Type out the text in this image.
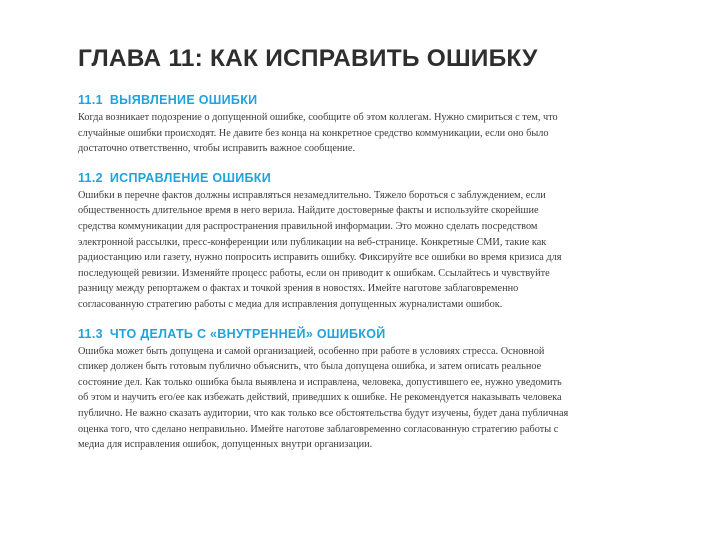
ГЛАВА 11: КАК ИСПРАВИТЬ ОШИБКУ
11.1 ВЫЯВЛЕНИЕ ОШИБКИ

Когда возникает подозрение о допущенной ошибке, сообщите об этом коллегам. Нужно смириться с тем, что
случайные ошибки происходят. Не давите без конца на конкретное средство коммуникации, если оно было
достаточно ответственно, чтобы исправить важное сообщение.

11.2 ИСПРАВЛЕНИЕ ОШИБКИ

Ошибки в перечне фактов должны исправляться незамедлительно. Тяжело бороться с заблуждением, если
общественность длительное время в него верила. Найдите достоверные факты и используйте скорейшие
средства коммуникации для распространения правильной информации. Это можно сделать посредством
электронной рассылки, пресс-конференции или публикации на веб-странице. Конкретные СМИ, такие как
радиостанцию или газету, нужно попросить исправить ошибку. Фиксируйте все ошибки во время кризиса для
последующей ревизии. Изменяйте процесс работы, если он приводит к ошибкам. Ссылайтесь и чувствуйте
разницу между репортажем о фактах и точкой зрения в новостях. Имейте наготове заблаговременно
согласованную стратегию работы с медиа для исправления допущенных журналистами ошибок.

11.3 ЧТО ДЕЛАТЬ С «ВНУТРЕННЕЙ» ОШИБКОЙ

Ошибка может быть допущена и самой организацией, особенно при работе в условиях стресса. Основной
спикер должен быть готовым публично объяснить, что была допущена ошибка, и затем описать реальное
состояние дел. Как только ошибка была выявлена и исправлена, человека, допустившего ее, нужно уведомить
об этом и научить его/ее как избежать действий, приведших к ошибке. Не рекомендуется наказывать человека
публично. Не важно сказать аудитории, что как только все обстоятельства будут изучены, будет дана публичная
оценка того, что сделано неправильно. Имейте наготове заблаговременно согласованную стратегию работы с
медиа для исправления ошибок, допущенных внутри организации.
